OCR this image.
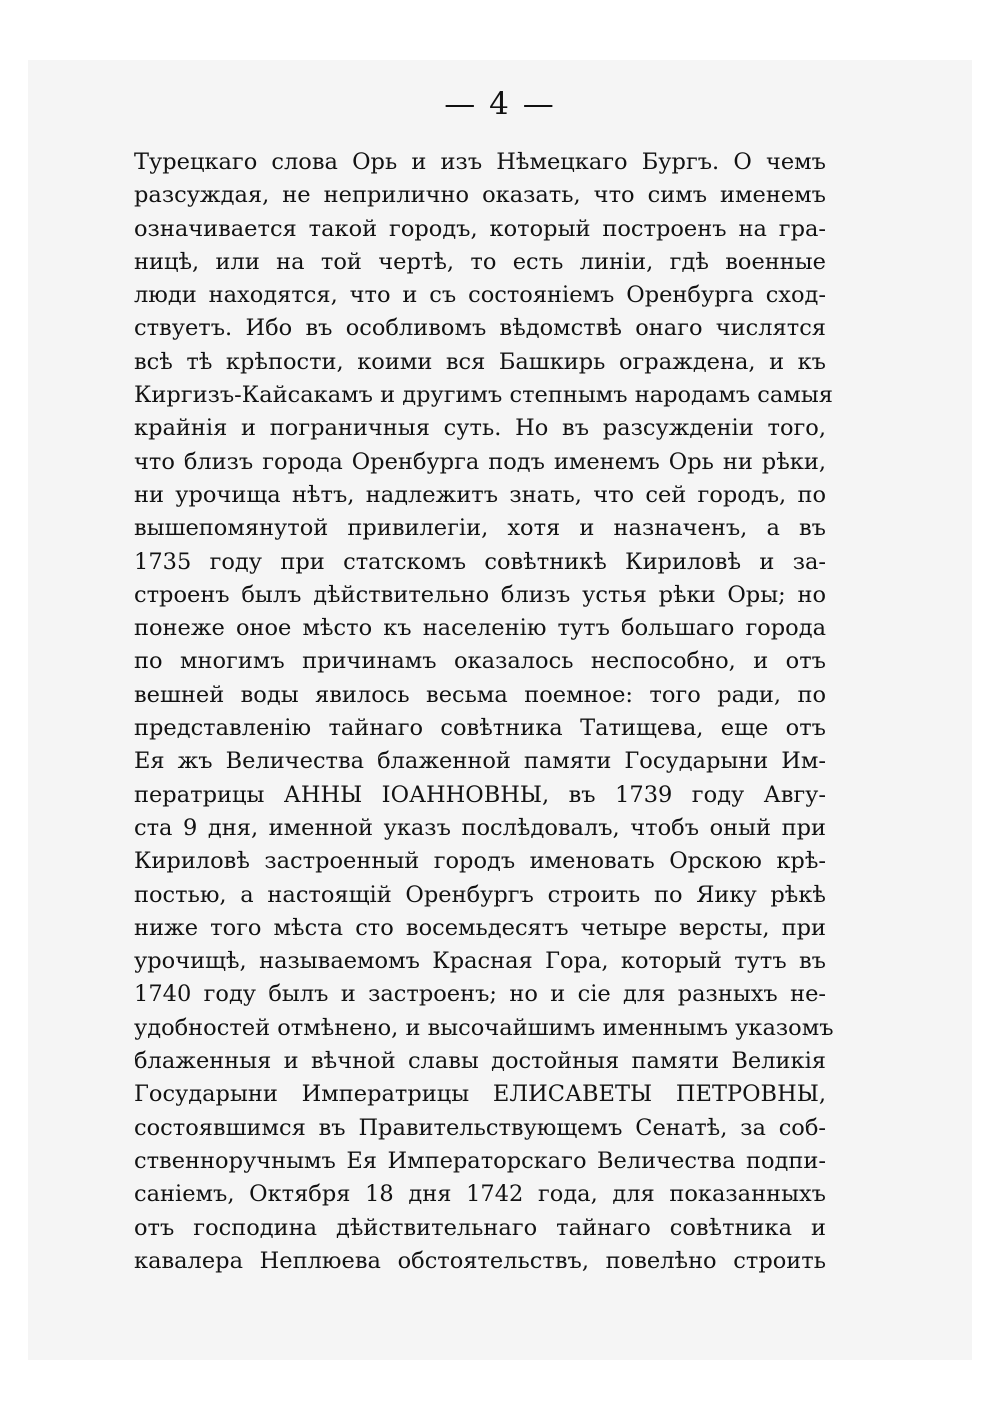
— 4 —
Турецкаго слова Орь и изъ Нѣмецкаго Бургъ. О чемъ
разсуждая, не неприлично оказать, что симъ именемъ
означивается такой городъ, который построенъ на гра-
ницѣ, или на той чертѣ, то есть линіи, гдѣ военные
люди находятся, что и съ состояніемъ Оренбурга сход-
ствуетъ. Ибо въ особливомъ вѣдомствѣ онаго числятся
всѣ тѣ крѣпости, коими вся Башкирь ограждена, и къ
Киргизъ-Кайсакамъ и другимъ степнымъ народамъ самыя
крайнія и пограничныя суть. Но въ разсужденіи того,
что близъ города Оренбурга подъ именемъ Орь ни рѣки,
ни урочища нѣтъ, надлежитъ знать, что сей городъ, по
вышепомянутой привилегіи, хотя и назначенъ, а въ
1735 году при статскомъ совѣтникѣ Кириловѣ и за-
строенъ былъ дѣйствительно близъ устья рѣки Оры; но
понеже оное мѣсто къ населенію тутъ большаго города
по многимъ причинамъ оказалось неспособно, и отъ
вешней воды явилось весьма поемное: того ради, по
представленію тайнаго совѣтника Татищева, еще отъ
Ея жъ Величества блаженной памяти Государыни Им-
ператрицы АННЫ ІОАННОВНЫ, въ 1739 году Авгу-
ста 9 дня, именной указъ послѣдовалъ, чтобъ оный при
Кириловѣ застроенный городъ именовать Орскою крѣ-
постью, а настоящій Оренбургъ строить по Яику рѣкѣ
ниже того мѣста сто восемьдесятъ четыре версты, при
урочищѣ, называемомъ Красная Гора, который тутъ въ
1740 году былъ и застроенъ; но и сіе для разныхъ не-
удобностей отмѣнено, и высочайшимъ именнымъ указомъ
блаженныя и вѣчной славы достойныя памяти Великія
Государыни Императрицы ЕЛИСАВЕТЫ ПЕТРОВНЫ,
состоявшимся въ Правительствующемъ Сенатѣ, за соб-
ственноручнымъ Ея Императорскаго Величества подпи-
саніемъ, Октября 18 дня 1742 года, для показанныхъ
отъ господина дѣйствительнаго тайнаго совѣтника и
кавалера Неплюева обстоятельствъ, повелѣно строить
